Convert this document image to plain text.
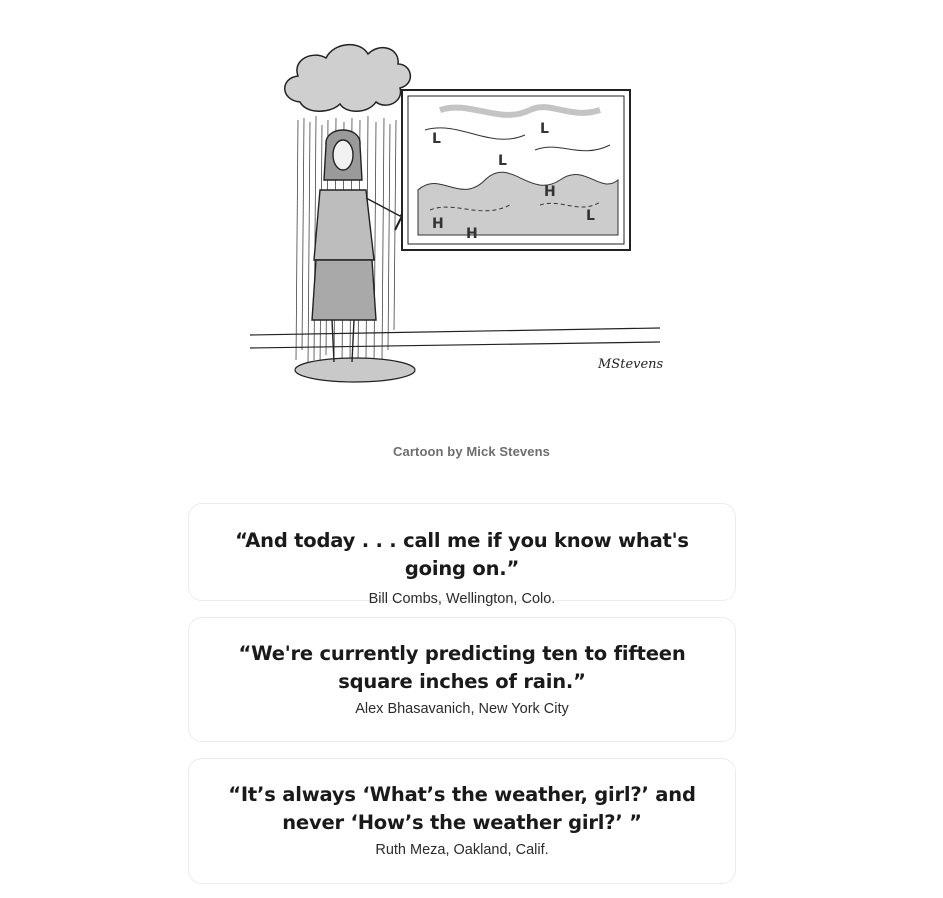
L
L
L
H
H
H
L
MStevens
Cartoon by Mick Stevens
“And today . . . call me if you know what's going on.”
Bill Combs, Wellington, Colo.
“We're currently predicting ten to fifteen square inches of rain.”
Alex Bhasavanich, New York City
“It’s always ‘What’s the weather, girl?’ and never ‘How’s the weather girl?’ ”
Ruth Meza, Oakland, Calif.
